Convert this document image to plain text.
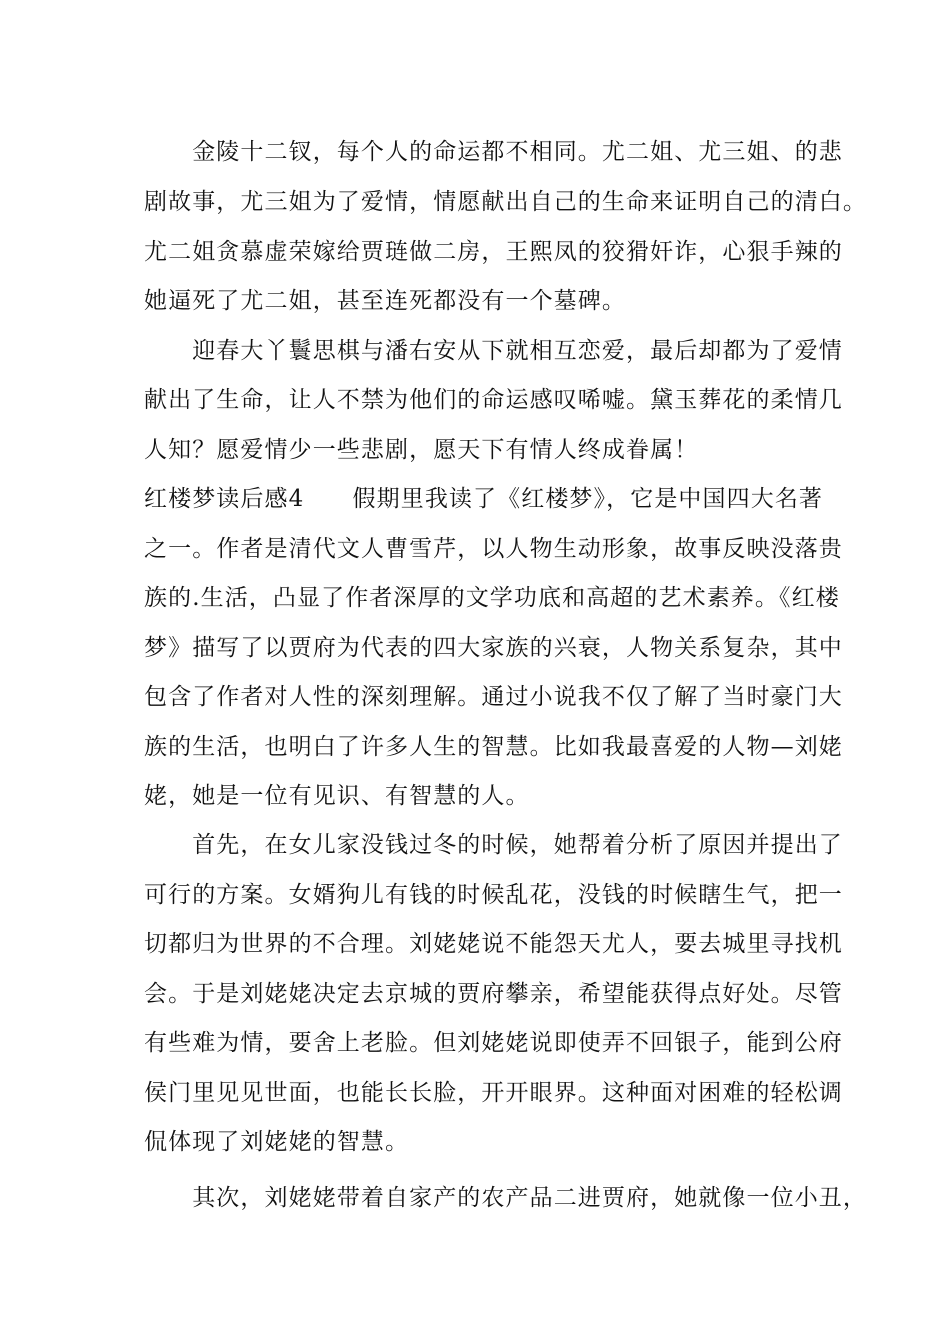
　　金陵十二钗，每个人的命运都不相同。尤二姐、尤三姐、的悲
剧故事，尤三姐为了爱情，情愿献出自己的生命来证明自己的清白。
尤二姐贪慕虚荣嫁给贾琏做二房，王熙凤的狡猾奸诈，心狠手辣的
她逼死了尤二姐，甚至连死都没有一个墓碑。
　　迎春大丫鬟思棋与潘右安从下就相互恋爱，最后却都为了爱情
献出了生命，让人不禁为他们的命运感叹唏嘘。黛玉葬花的柔情几
人知？愿爱情少一些悲剧，愿天下有情人终成眷属！
红楼梦读后感4　　假期里我读了《红楼梦》，它是中国四大名著
之一。作者是清代文人曹雪芹，以人物生动形象，故事反映没落贵
族的.生活，凸显了作者深厚的文学功底和高超的艺术素养。《红楼
梦》描写了以贾府为代表的四大家族的兴衰，人物关系复杂，其中
包含了作者对人性的深刻理解。通过小说我不仅了解了当时豪门大
族的生活，也明白了许多人生的智慧。比如我最喜爱的人物—刘姥
姥，她是一位有见识、有智慧的人。
　　首先，在女儿家没钱过冬的时候，她帮着分析了原因并提出了
可行的方案。女婿狗儿有钱的时候乱花，没钱的时候瞎生气，把一
切都归为世界的不合理。刘姥姥说不能怨天尤人，要去城里寻找机
会。于是刘姥姥决定去京城的贾府攀亲，希望能获得点好处。尽管
有些难为情，要舍上老脸。但刘姥姥说即使弄不回银子，能到公府
侯门里见见世面，也能长长脸，开开眼界。这种面对困难的轻松调
侃体现了刘姥姥的智慧。
　　其次，刘姥姥带着自家产的农产品二进贾府，她就像一位小丑，
